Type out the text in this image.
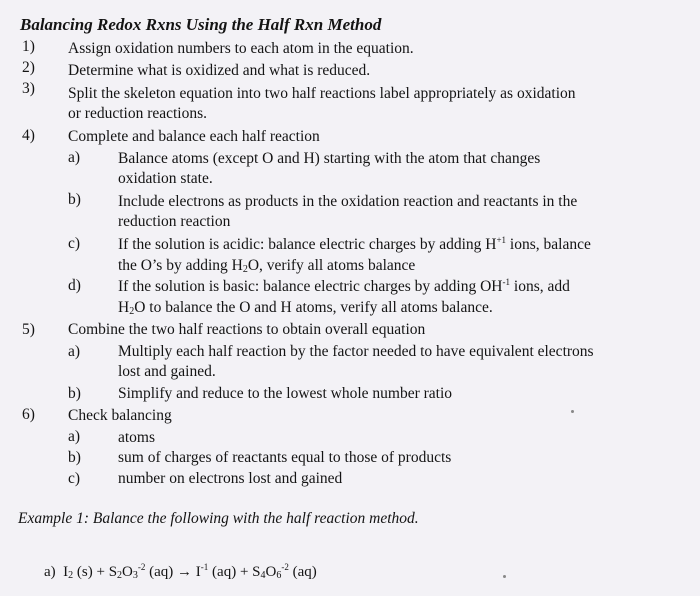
Balancing Redox Rxns Using the Half Rxn Method
1) Assign oxidation numbers to each atom in the equation.
2) Determine what is oxidized and what is reduced.
3) Split the skeleton equation into two half reactions label appropriately as oxidation
or reduction reactions.
4) Complete and balance each half reaction
a) Balance atoms (except O and H) starting with the atom that changes
oxidation state.
b) Include electrons as products in the oxidation reaction and reactants in the
reduction reaction
c) If the solution is acidic: balance electric charges by adding $H^{+1}$ ions, balance
the O’s by adding $H_2O$, verify all atoms balance
d) If the solution is basic: balance electric charges by adding $OH^{-1}$ ions, add
$H_2O$ to balance the O and H atoms, verify all atoms balance.
5) Combine the two half reactions to obtain overall equation
a) Multiply each half reaction by the factor needed to have equivalent electrons
lost and gained.
b) Simplify and reduce to the lowest whole number ratio
6) Check balancing
a) atoms
b) sum of charges of reactants equal to those of products
c) number on electrons lost and gained
Example 1: Balance the following with the half reaction method.
a) $I_2$ $(s) + S_2O_3^{-2}$ $(aq) \to I^{-1}$ $(aq) + S_4O_6^{-2}$ (aq)
